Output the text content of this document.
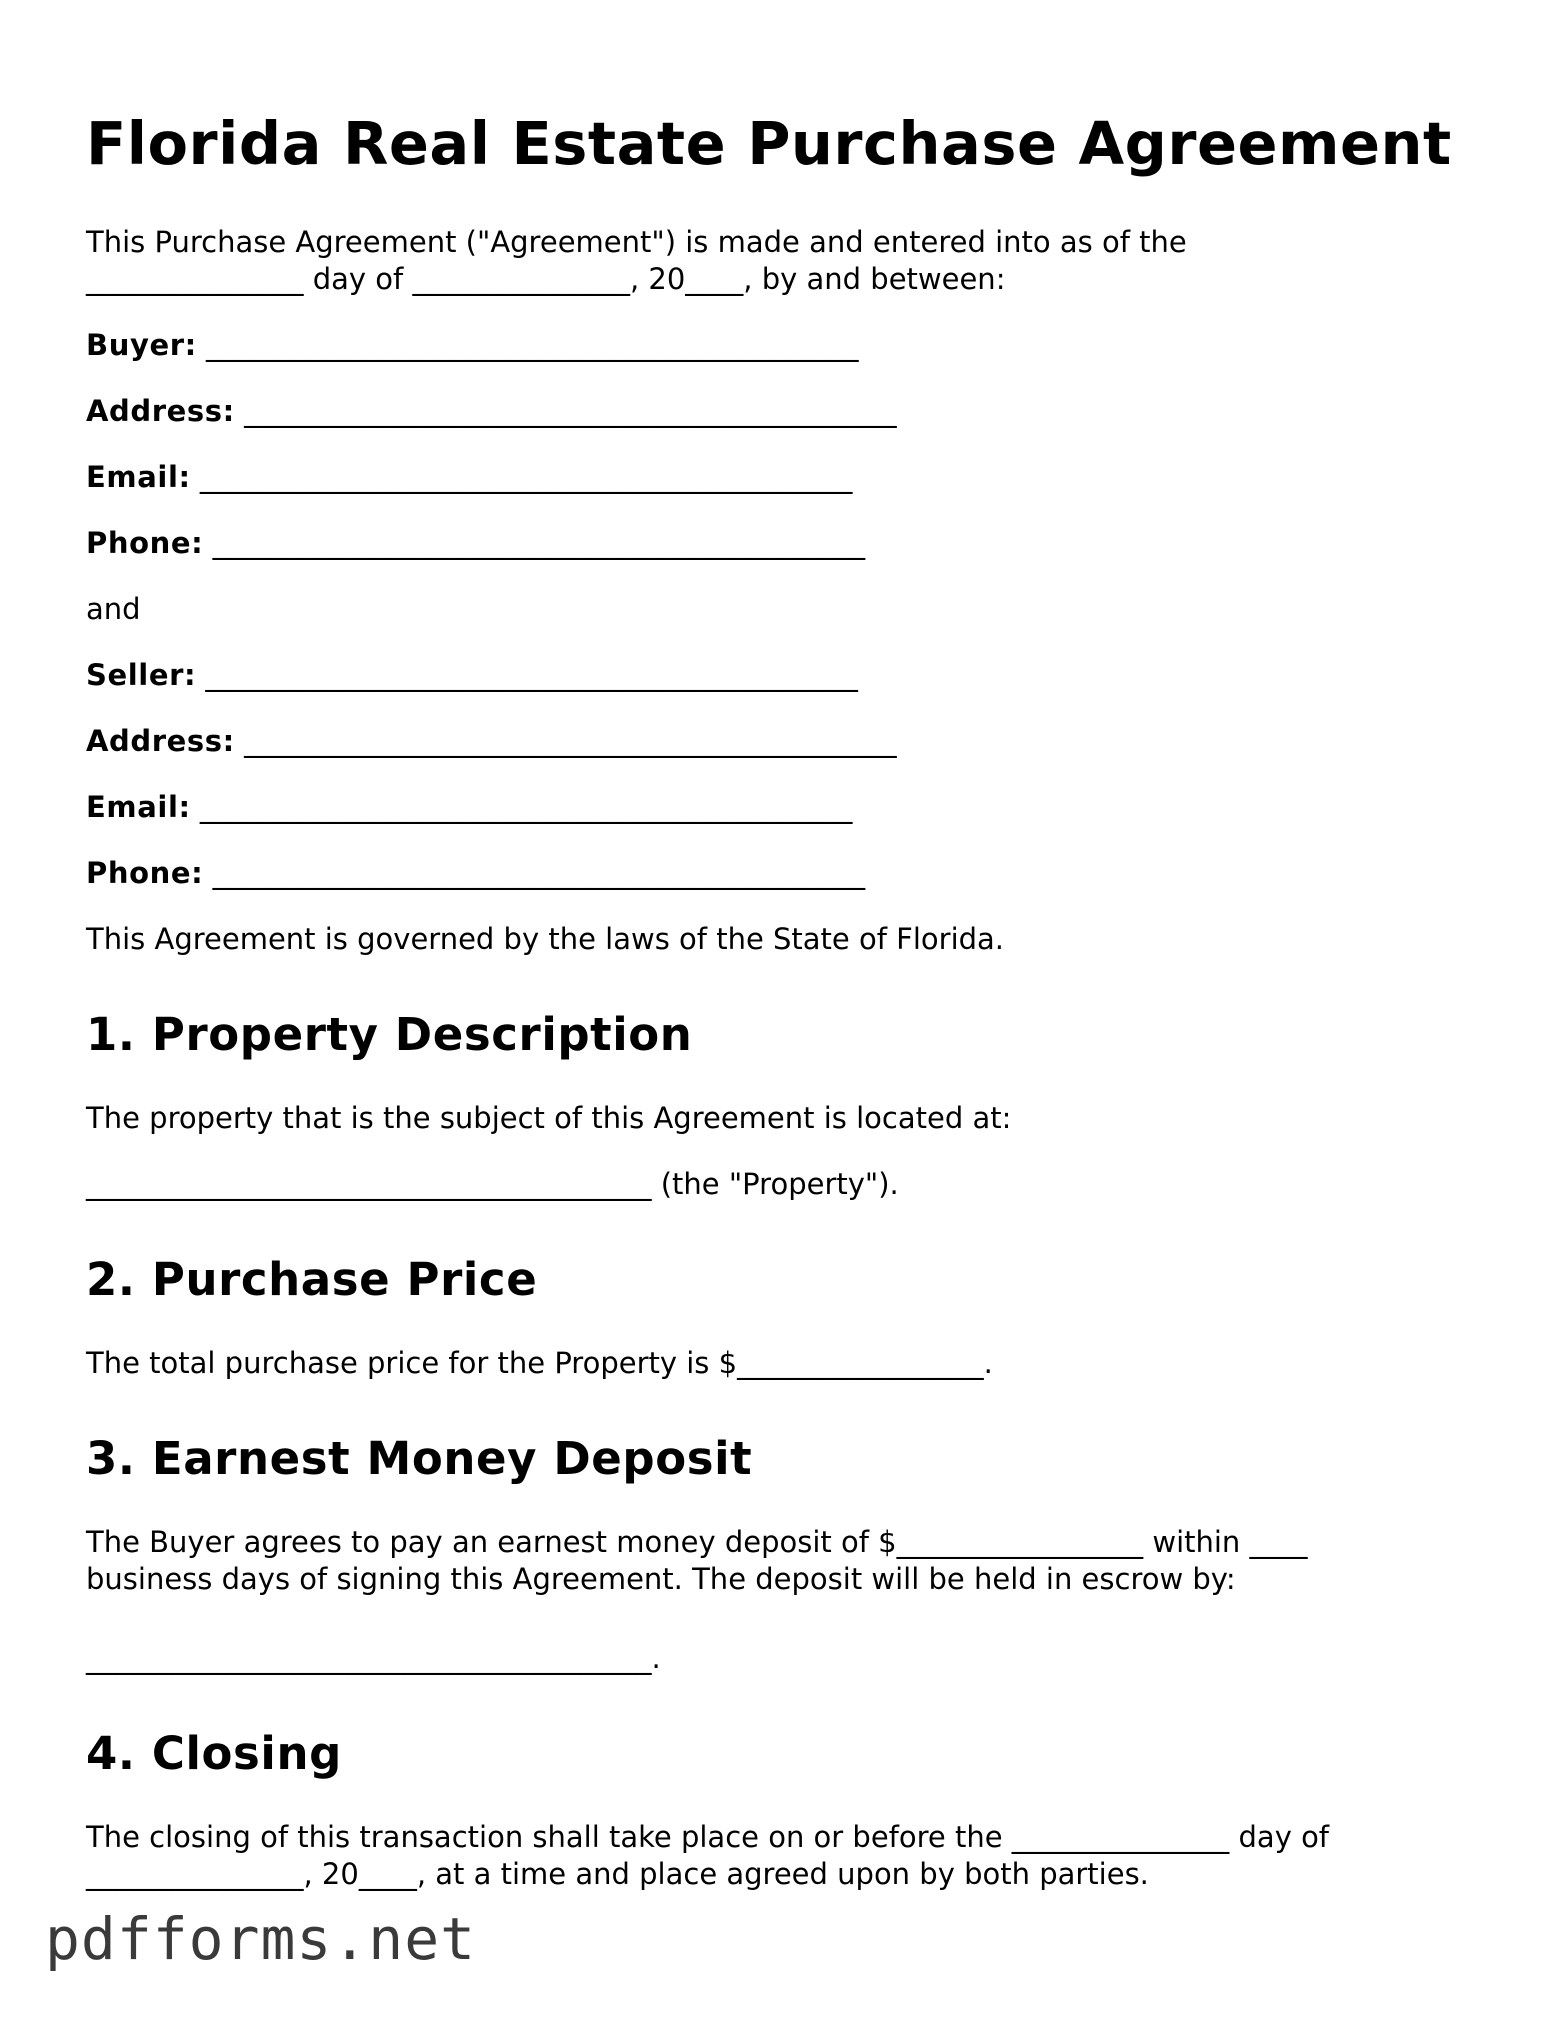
Florida Real Estate Purchase Agreement

This Purchase Agreement ("Agreement") is made and entered into as of the

_______________ day of _______________, 20____, by and between:

Buyer: _____________________________________________
Address: _____________________________________________
Email: _____________________________________________
Phone: _____________________________________________

and

Seller: _____________________________________________
Address: _____________________________________________
Email: _____________________________________________
Phone: _____________________________________________

This Agreement is governed by the laws of the State of Florida.

1. Property Description

The property that is the subject of this Agreement is located at:

_______________________________________ (the "Property").

2. Purchase Price

The total purchase price for the Property is $_________________.

3. Earnest Money Deposit

The Buyer agrees to pay an earnest money deposit of $_________________ within ____

business days of signing this Agreement. The deposit will be held in escrow by:

_______________________________________.

4. Closing

The closing of this transaction shall take place on or before the _______________ day of

_______________, 20____, at a time and place agreed upon by both parties.

pdfforms.net
